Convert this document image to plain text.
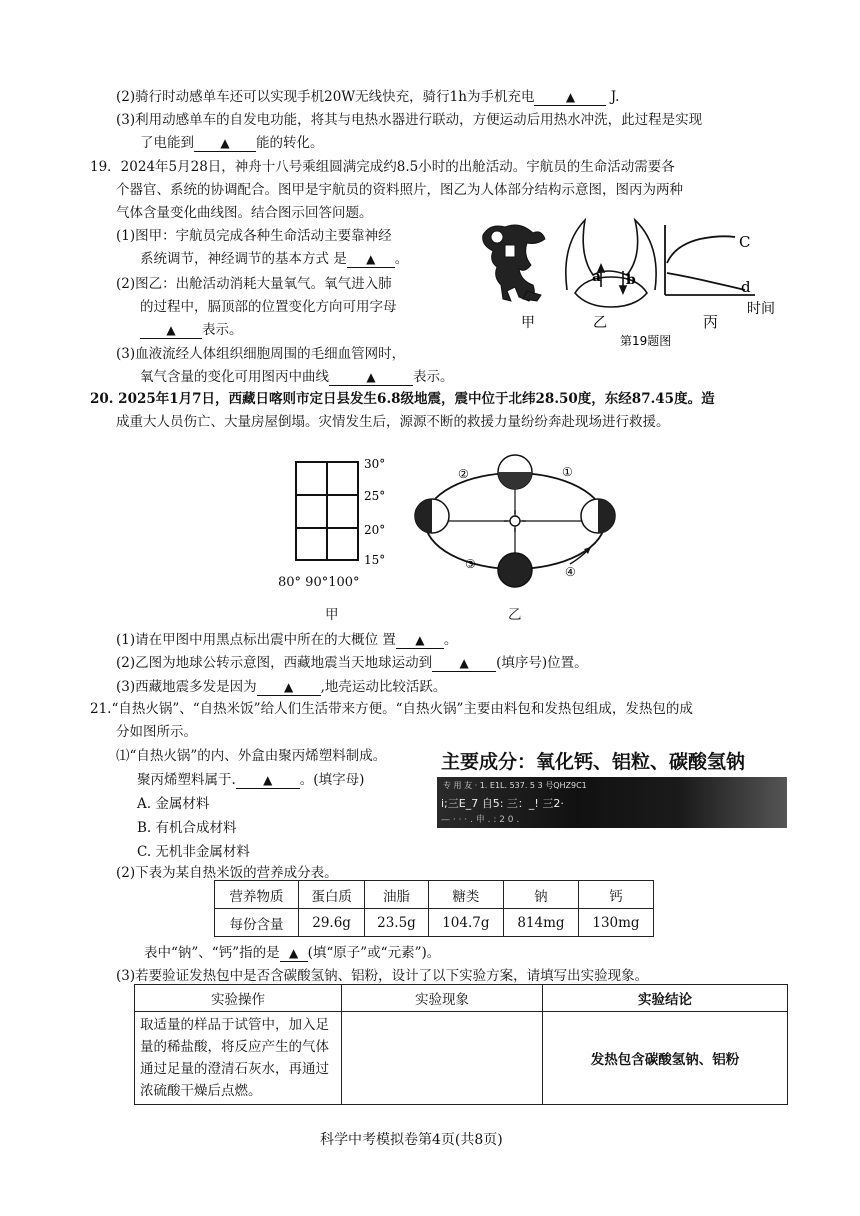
(2)骑行时动感单车还可以实现手机20W无线快充，骑行1h为手机充电	▲	J.
(3)利用动感单车的自发电功能，将其与电热水器进行联动，方便运动后用热水冲洗，此过程是实现
了电能到 ▲ 能的转化。
19．2024年5月28日，神舟十八号乘组圆满完成约8.5小时的出舱活动。宇航员的生命活动需要各
个器官、系统的协调配合。图甲是宇航员的资料照片，图乙为人体部分结构示意图，图丙为两种
气体含量变化曲线图。结合图示回答问题。
(1)图甲：宇航员完成各种生命活动主要靠神经
系统调节，神经调节的基本方式 是 ▲ 。
(2)图乙：出舱活动消耗大量氧气。氧气进入肺
的过程中，膈顶部的位置变化方向可用字母
▲ 表示。
(3)血液流经人体组织细胞周围的毛细血管网时，
氧气含量的变化可用图丙中曲线	▲	表示。
a b
C
d
时间
甲	乙	丙
第19题图
20. 2025年1月7日，西藏日喀则市定日县发生6.8级地震，震中位于北纬28.50度，东经87.45度。造
成重大人员伤亡、大量房屋倒塌。灾情发生后，源源不断的救援力量纷纷奔赴现场进行救援。
30°
25°
20°
15°
80° 90°100°
甲
②	①
③
④
乙
(1)请在甲图中用黑点标出震中所在的大概位 置 ▲ 。
(2)乙图为地球公转示意图，西藏地震当天地球运动到 ▲ (填序号)位置。
(3)西藏地震多发是因为 ▲ ,地壳运动比较活跃。
21.“自热火锅”、“自热米饭”给人们生活带来方便。“自热火锅”主要由料包和发热包组成，发热包的成
分如图所示。
⑴“自热火锅”的内、外盒由聚丙烯塑料制成。
聚丙烯塑料属于. ▲ 。(填字母)
A. 金属材料
B. 有机合成材料
C. 无机非金属材料
主要成分：氧化钙、铝粒、碳酸氢钠
专 用 友 · 1. E1L. 537. 5 3 号QHZ9C1
i;三E_7 自5: 三：_! 三2·
— · · · . 申 . : 2 0 .
(2)下表为某自热米饭的营养成分表。
营养物质	蛋白质	油脂	糖类	钠	钙
每份含量	29.6g	23.5g	104.7g	814mg	130mg
表中“钠”、“钙”指的是 ▲ (填“原子”或“元素”)。
(3)若要验证发热包中是否含碳酸氢钠、铝粉，设计了以下实验方案，请填写出实验现象。
实验操作	实验现象	实验结论

取适量的样品于试管中，加入足
量的稀盐酸，将反应产生的气体
通过足量的澄清石灰水，再通过
浓硫酸干燥后点燃。		发热包含碳酸氢钠、铝粉
科学中考模拟卷第4页(共8页)
